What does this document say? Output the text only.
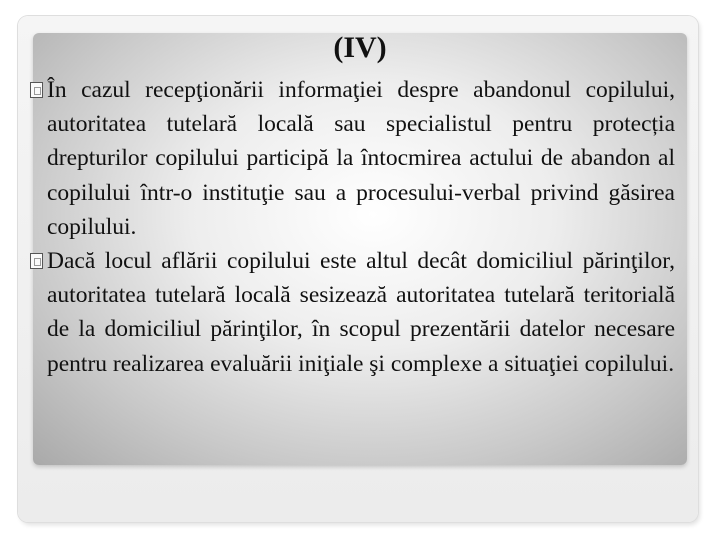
(IV)

În cazul recepţionării informaţiei despre abandonul copilului, autoritatea tutelară locală sau specialistul pentru protecția drepturilor copilului participă la întocmirea actului de abandon al copilului într-o instituţie sau a procesului-verbal privind găsirea copilului.

Dacă locul aflării copilului este altul decât domiciliul părinţilor, autoritatea tutelară locală sesizează autoritatea tutelară teritorială de la domiciliul părinţilor, în scopul prezentării datelor necesare pentru realizarea evaluării iniţiale şi complexe a situaţiei copilului.
